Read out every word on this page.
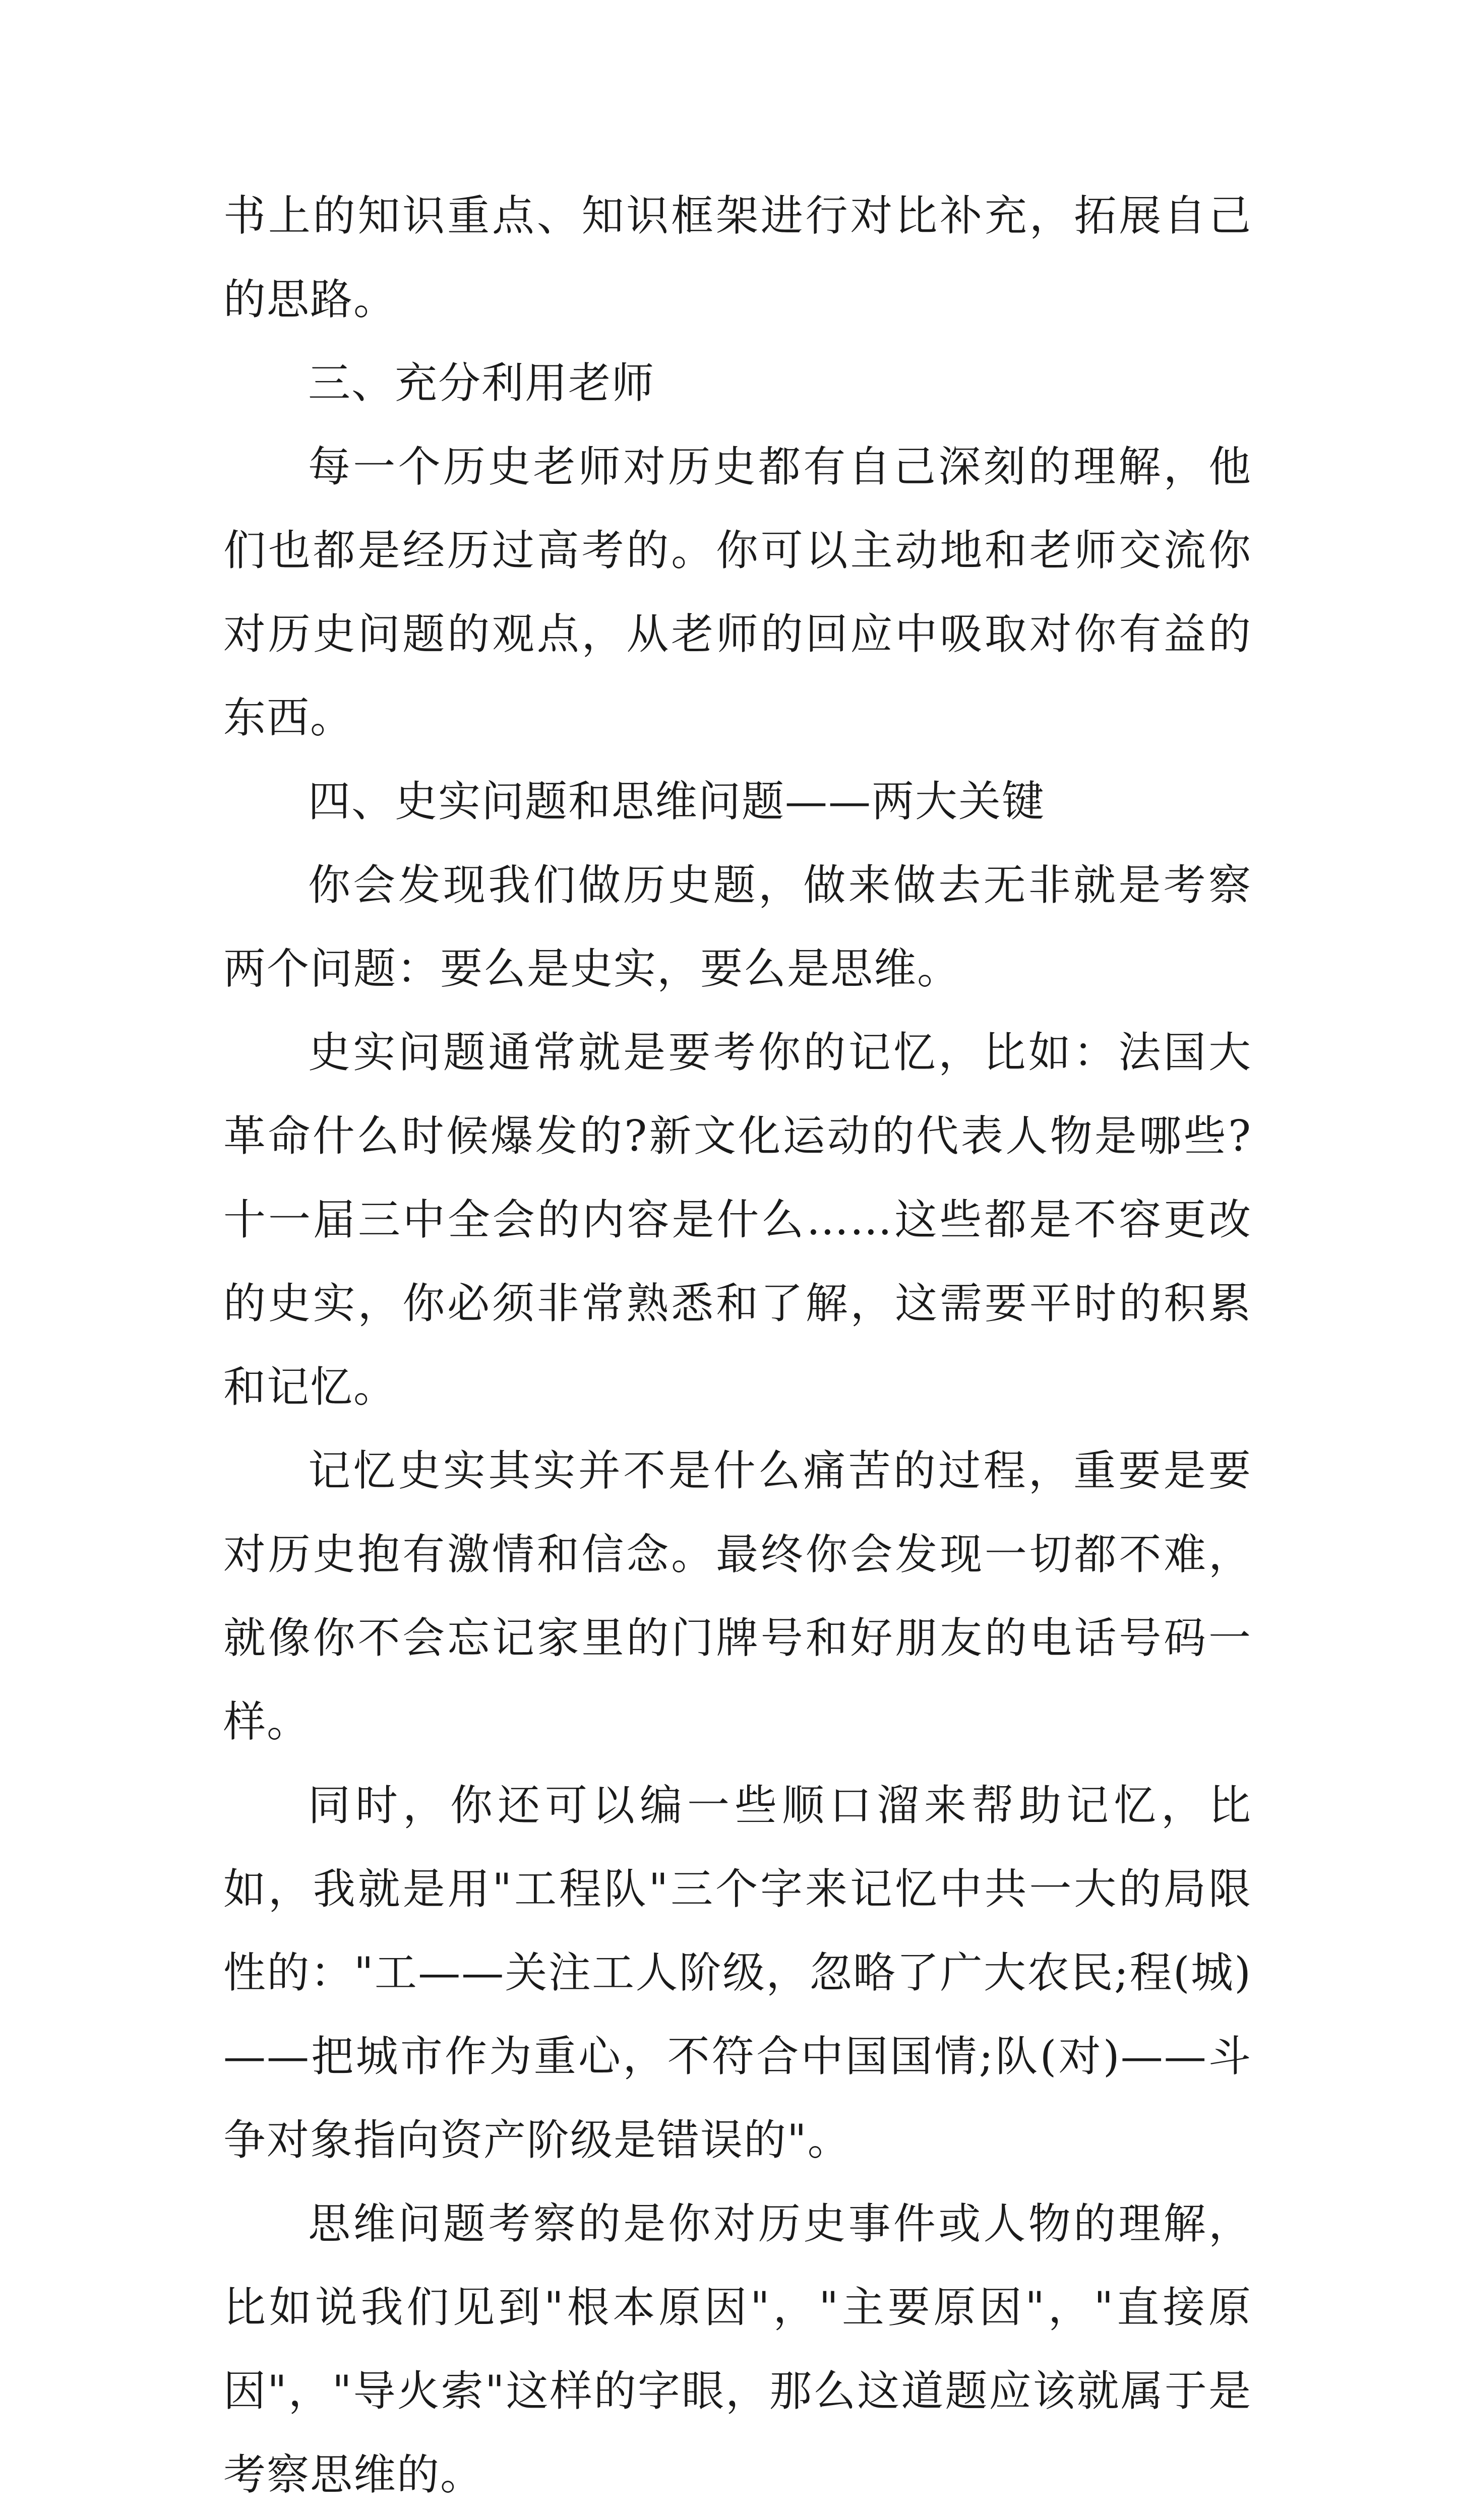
书上的知识重点、知识框架进行对比补充，拓展自己的思路。

三、充分利用老师

每一个历史老师对历史都有自己深刻的理解，他们也都是经历过高考的。你可以主动地和老师交流你对历史问题的观点，从老师的回应中吸取对你有益的东西。

四、史实问题和思维问题——两大关键

你会发现我们做历史题，做来做去无非就是考察两个问题：要么是史实，要么是思维。

史实问题通常就是要考你的记忆，比如：法国大革命什么时候爆发的?新文化运动的代表人物是哪些?十一届三中全会的内容是什么……这些都是不容更改的史实，你必须非常熟悉和了解，这需要平时的积累和记忆。

记忆史实其实并不是什么痛苦的过程，重要是要对历史抱有激情和信念。最终你会发现一切都不难，就像你不会忘记家里的门牌号和好朋友的电话号码一样。

同时，你还可以编一些顺口溜来帮助记忆，比如，我就是用"工程队"三个字来记忆中共一大的局限性的："工——关注工人阶级，忽略了广大农民;程(城)——把城市作为重心，不符合中国国情;队(对)——斗争对象指向资产阶级是错误的"。

思维问题考察的是你对历史事件或人物的理解，比如说我们见到"根本原因"，"主要原因"，"直接原因"，"导火索"这样的字眼，那么这道题应该就属于是考察思维的。
